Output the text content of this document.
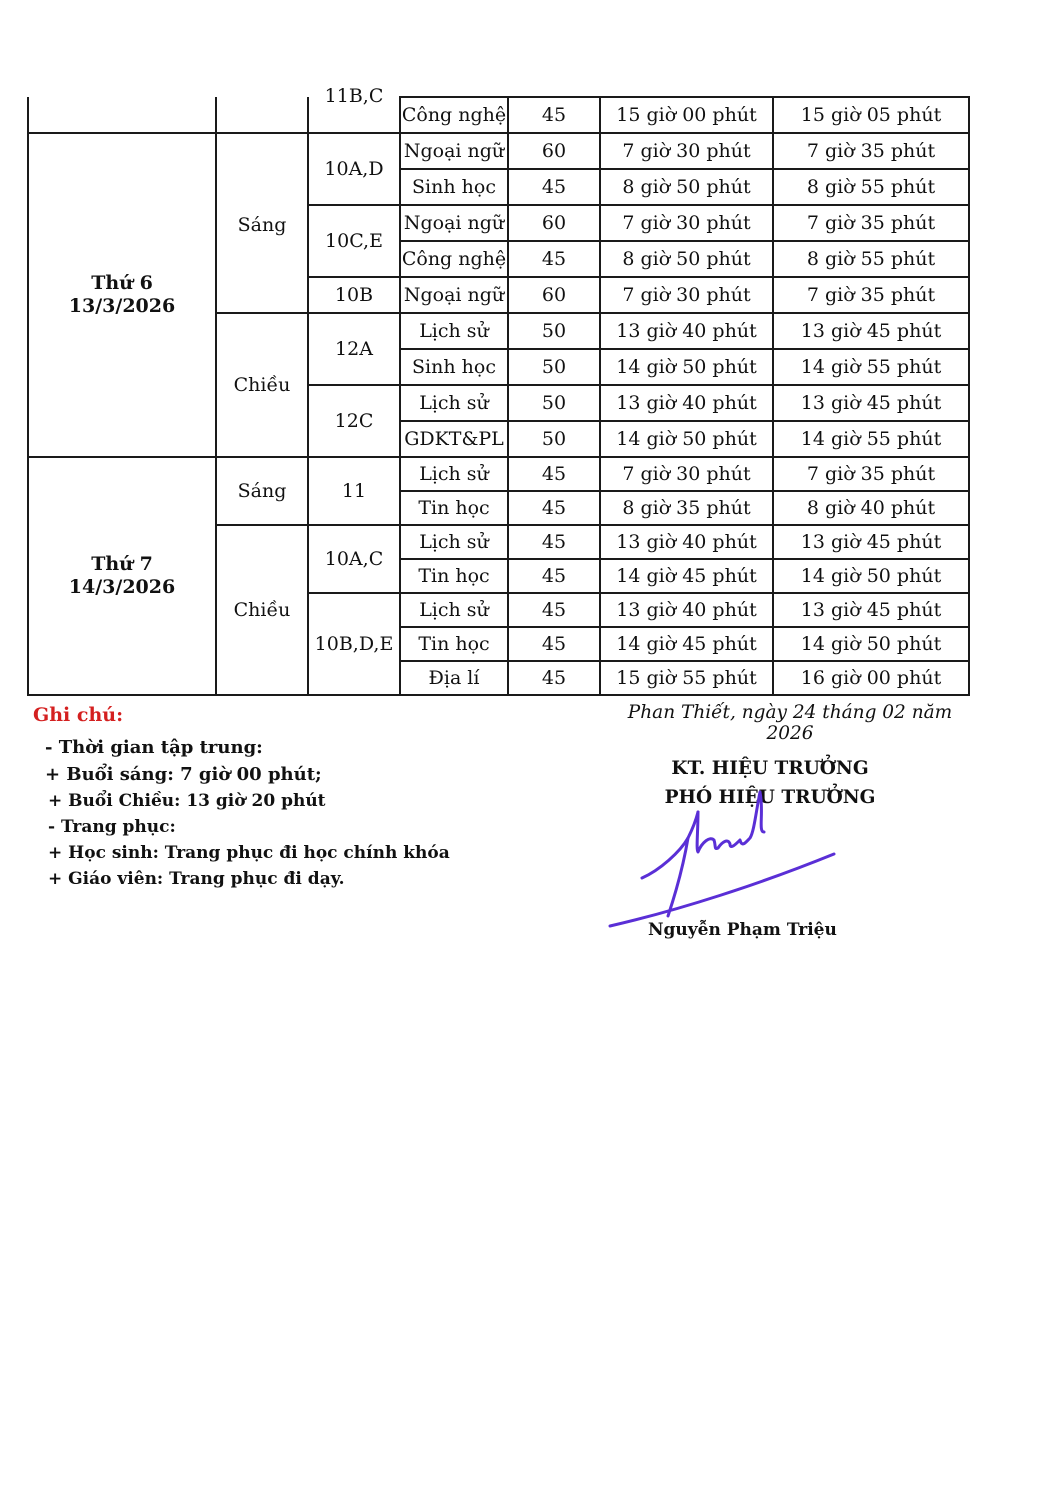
		11B,C	Công nghệ	45	15 giờ 00 phút	15 giờ 05 phút

Thứ 6
13/3/2026	Sáng	10A,D	Ngoại ngữ	60	7 giờ 30 phút	7 giờ 35 phút
			Sinh học	45	8 giờ 50 phút	8 giờ 55 phút
		10C,E	Ngoại ngữ	60	7 giờ 30 phút	7 giờ 35 phút
			Công nghệ	45	8 giờ 50 phút	8 giờ 55 phút
		10B	Ngoại ngữ	60	7 giờ 30 phút	7 giờ 35 phút
	Chiều	12A	Lịch sử	50	13 giờ 40 phút	13 giờ 45 phút
			Sinh học	50	14 giờ 50 phút	14 giờ 55 phút
		12C	Lịch sử	50	13 giờ 40 phút	13 giờ 45 phút
			GDKT&PL	50	14 giờ 50 phút	14 giờ 55 phút

Thứ 7
14/3/2026	Sáng	11	Lịch sử	45	7 giờ 30 phút	7 giờ 35 phút
			Tin học	45	8 giờ 35 phút	8 giờ 40 phút
	Chiều	10A,C	Lịch sử	45	13 giờ 40 phút	13 giờ 45 phút
			Tin học	45	14 giờ 45 phút	14 giờ 50 phút
		10B,D,E	Lịch sử	45	13 giờ 40 phút	13 giờ 45 phút
			Tin học	45	14 giờ 45 phút	14 giờ 50 phút
			Địa lí	45	15 giờ 55 phút	16 giờ 00 phút
Ghi chú:
- Thời gian tập trung:
+ Buổi sáng: 7 giờ 00 phút;
+ Buổi Chiều: 13 giờ 20 phút
- Trang phục:
+ Học sinh: Trang phục đi học chính khóa
+ Giáo viên: Trang phục đi dạy.
Phan Thiết, ngày 24 tháng 02 năm 2026
KT. HIỆU TRƯỞNG
PHÓ HIỆU TRƯỞNG
Nguyễn Phạm Triệu
